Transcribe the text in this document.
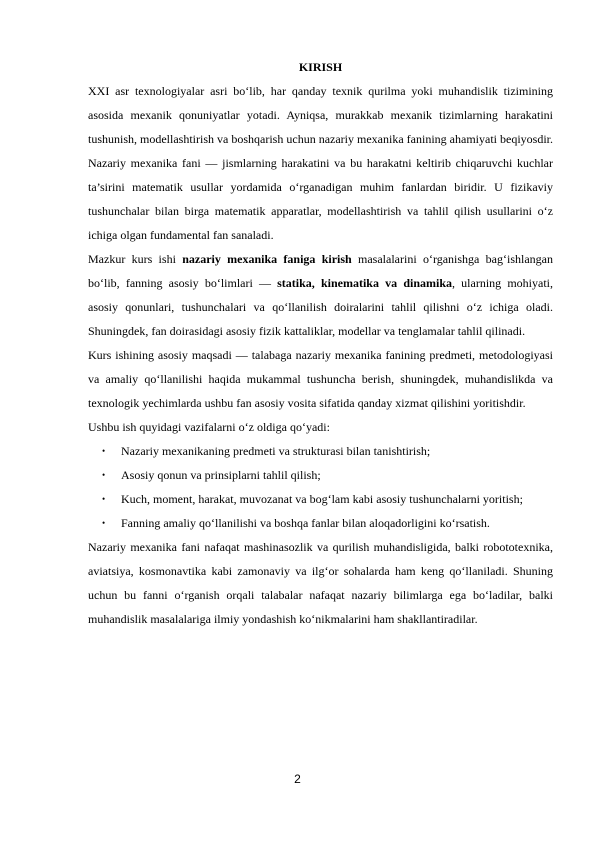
KIRISH

XXI asr texnologiyalar asri bo‘lib, har qanday texnik qurilma yoki muhandislik tizimining asosida mexanik qonuniyatlar yotadi. Ayniqsa, murakkab mexanik tizimlarning harakatini tushunish, modellashtirish va boshqarish uchun nazariy mexanika fanining ahamiyati beqiyosdir. Nazariy mexanika fani — jismlarning harakatini va bu harakatni keltirib chiqaruvchi kuchlar ta’sirini matematik usullar yordamida o‘rganadigan muhim fanlardan biridir. U fizikaviy tushunchalar bilan birga matematik apparatlar, modellashtirish va tahlil qilish usullarini o‘z ichiga olgan fundamental fan sanaladi.

Mazkur kurs ishi nazariy mexanika faniga kirish masalalarini o‘rganishga bag‘ishlangan bo‘lib, fanning asosiy bo‘limlari — statika, kinematika va dinamika, ularning mohiyati, asosiy qonunlari, tushunchalari va qo‘llanilish doiralarini tahlil qilishni o‘z ichiga oladi. Shuningdek, fan doirasidagi asosiy fizik kattaliklar, modellar va tenglamalar tahlil qilinadi.

Kurs ishining asosiy maqsadi — talabaga nazariy mexanika fanining predmeti, metodologiyasi va amaliy qo‘llanilishi haqida mukammal tushuncha berish, shuningdek, muhandislikda va texnologik yechimlarda ushbu fan asosiy vosita sifatida qanday xizmat qilishini yoritishdir.

Ushbu ish quyidagi vazifalarni o‘z oldiga qo‘yadi:

• Nazariy mexanikaning predmeti va strukturasi bilan tanishtirish;
• Asosiy qonun va prinsiplarni tahlil qilish;
• Kuch, moment, harakat, muvozanat va bog‘lam kabi asosiy tushunchalarni yoritish;
• Fanning amaliy qo‘llanilishi va boshqa fanlar bilan aloqadorligini ko‘rsatish.

Nazariy mexanika fani nafaqat mashinasozlik va qurilish muhandisligida, balki robototexnika, aviatsiya, kosmonavtika kabi zamonaviy va ilg‘or sohalarda ham keng qo‘llaniladi. Shuning uchun bu fanni o‘rganish orqali talabalar nafaqat nazariy bilimlarga ega bo‘ladilar, balki muhandislik masalalariga ilmiy yondashish ko‘nikmalarini ham shakllantiradilar.

2
